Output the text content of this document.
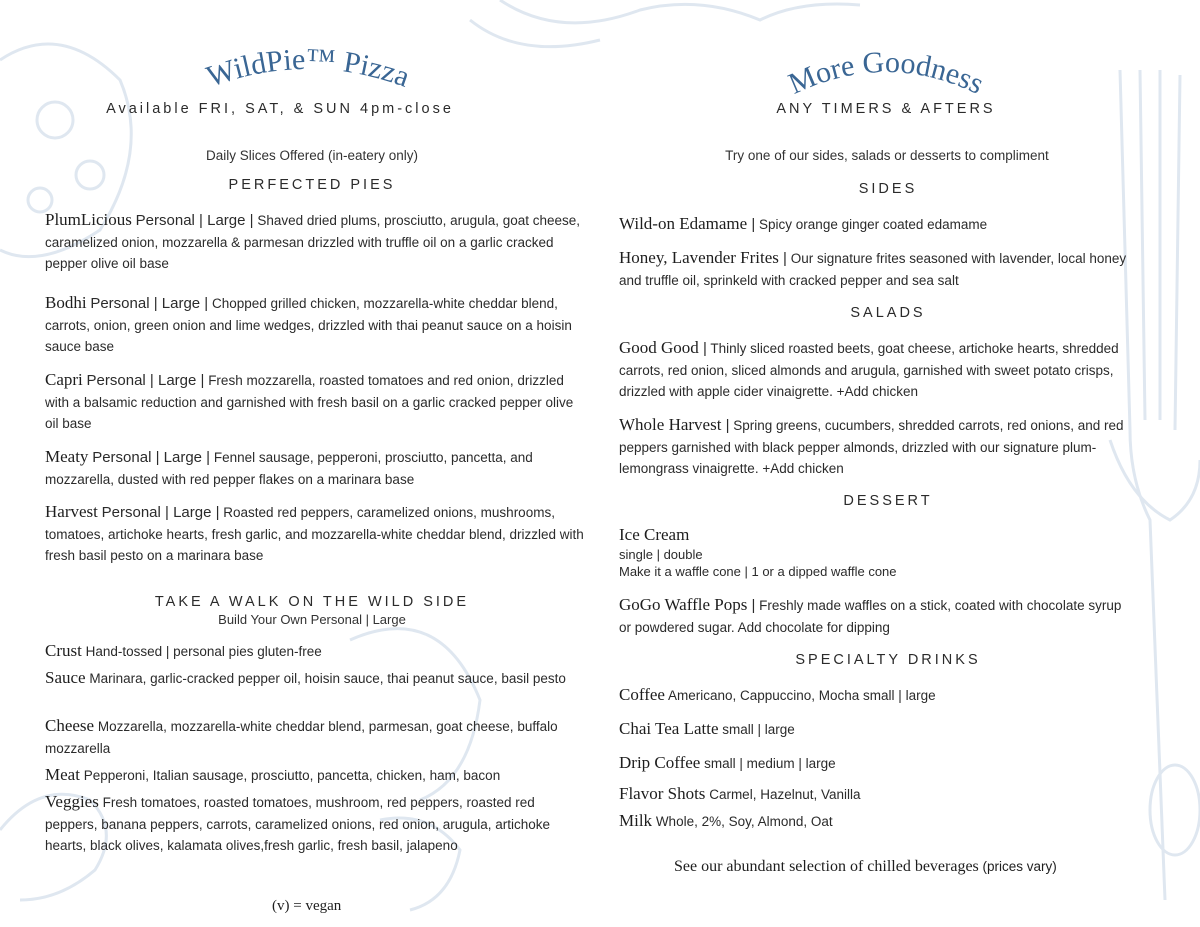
WildPie™ Pizza
Available FRI, SAT, & SUN 4pm-close
Daily Slices Offered (in-eatery only)
PERFECTED PIES
PlumLicious Personal | Large | Shaved dried plums, prosciutto, arugula, goat cheese, caramelized onion, mozzarella & parmesan drizzled with truffle oil on a garlic cracked pepper olive oil base
Bodhi Personal | Large | Chopped grilled chicken, mozzarella-white cheddar blend, carrots, onion, green onion and lime wedges, drizzled with thai peanut sauce on a hoisin sauce base
Capri Personal | Large | Fresh mozzarella, roasted tomatoes and red onion, drizzled with a balsamic reduction and garnished with fresh basil on a garlic cracked pepper olive oil base
Meaty Personal | Large | Fennel sausage, pepperoni, prosciutto, pancetta, and mozzarella, dusted with red pepper flakes on a marinara base
Harvest Personal | Large | Roasted red peppers, caramelized onions, mushrooms, tomatoes, artichoke hearts, fresh garlic, and mozzarella-white cheddar blend, drizzled with fresh basil pesto on a marinara base
TAKE A WALK ON THE WILD SIDE
Build Your Own Personal | Large
Crust Hand-tossed | personal pies gluten-free
Sauce Marinara, garlic-cracked pepper oil, hoisin sauce, thai peanut sauce, basil pesto
Cheese Mozzarella, mozzarella-white cheddar blend, parmesan, goat cheese, buffalo mozzarella
Meat Pepperoni, Italian sausage, prosciutto, pancetta, chicken, ham, bacon
Veggies Fresh tomatoes, roasted tomatoes, mushroom, red peppers, roasted red peppers, banana peppers, carrots, caramelized onions, red onion, arugula, artichoke hearts, black olives, kalamata olives,fresh garlic, fresh basil, jalapeno
(v) = vegan
More Goodness
ANY TIMERS & AFTERS
Try one of our sides, salads or desserts to compliment
SIDES
Wild-on Edamame | Spicy orange ginger coated edamame
Honey, Lavender Frites | Our signature frites seasoned with lavender, local honey and truffle oil, sprinkeld with cracked pepper and sea salt
SALADS
Good Good | Thinly sliced roasted beets, goat cheese, artichoke hearts, shredded carrots, red onion, sliced almonds and arugula, garnished with sweet potato crisps, drizzled with apple cider vinaigrette. +Add chicken
Whole Harvest | Spring greens, cucumbers, shredded carrots, red onions, and red peppers garnished with black pepper almonds, drizzled with our signature plum-lemongrass vinaigrette. +Add chicken
DESSERT
Ice Cream
single | double
Make it a waffle cone | 1 or a dipped waffle cone
GoGo Waffle Pops | Freshly made waffles on a stick, coated with chocolate syrup or powdered sugar. Add chocolate for dipping
SPECIALTY DRINKS
Coffee Americano, Cappuccino, Mocha small | large
Chai Tea Latte small | large
Drip Coffee small | medium | large
Flavor Shots Carmel, Hazelnut, Vanilla
Milk Whole, 2%, Soy, Almond, Oat
See our abundant selection of chilled beverages (prices vary)
